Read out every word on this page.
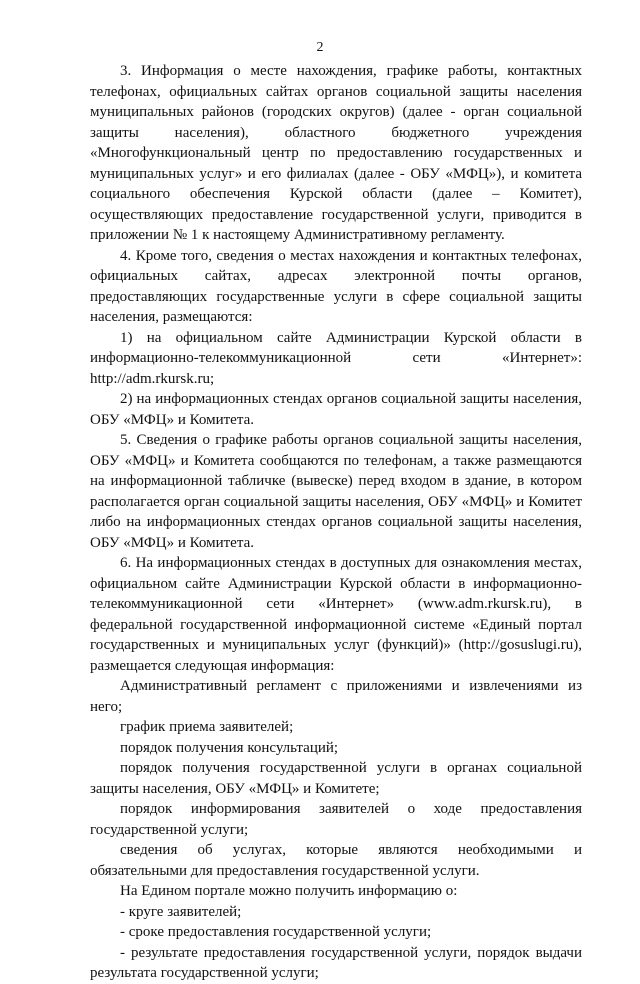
2

3. Информация о месте нахождения, графике работы, контактных телефонах, официальных сайтах органов социальной защиты населения муниципальных районов (городских округов) (далее - орган социальной защиты населения), областного бюджетного учреждения «Многофункциональный центр по предоставлению государственных и муниципальных услуг» и его филиалах (далее - ОБУ «МФЦ»), и комитета социального обеспечения Курской области (далее – Комитет), осуществляющих предоставление государственной услуги, приводится в приложении № 1 к настоящему Административному регламенту.

4. Кроме того, сведения о местах нахождения и контактных телефонах, официальных сайтах, адресах электронной почты органов, предоставляющих государственные услуги в сфере социальной защиты населения, размещаются:

1) на официальном сайте Администрации Курской области в информационно-телекоммуникационной сети «Интернет»: http://adm.rkursk.ru;

2) на информационных стендах органов социальной защиты населения, ОБУ «МФЦ» и Комитета.

5. Сведения о графике работы органов социальной защиты населения, ОБУ «МФЦ» и Комитета сообщаются по телефонам, а также размещаются на информационной табличке (вывеске) перед входом в здание, в котором располагается орган социальной защиты населения, ОБУ «МФЦ» и Комитет либо на информационных стендах органов социальной защиты населения, ОБУ «МФЦ» и Комитета.

6. На информационных стендах в доступных для ознакомления местах, официальном сайте Администрации Курской области в информационно-телекоммуникационной сети «Интернет» (www.adm.rkursk.ru), в федеральной государственной информационной системе «Единый портал государственных и муниципальных услуг (функций)» (http://gosuslugi.ru), размещается следующая информация:

Административный регламент с приложениями и извлечениями из него;

график приема заявителей;

порядок получения консультаций;

порядок получения государственной услуги в органах социальной защиты населения, ОБУ «МФЦ» и Комитете;

порядок информирования заявителей о ходе предоставления государственной услуги;

сведения об услугах, которые являются необходимыми и обязательными для предоставления государственной услуги.

На Едином портале можно получить информацию о:

- круге заявителей;

- сроке предоставления государственной услуги;

- результате предоставления государственной услуги, порядок выдачи результата государственной услуги;
